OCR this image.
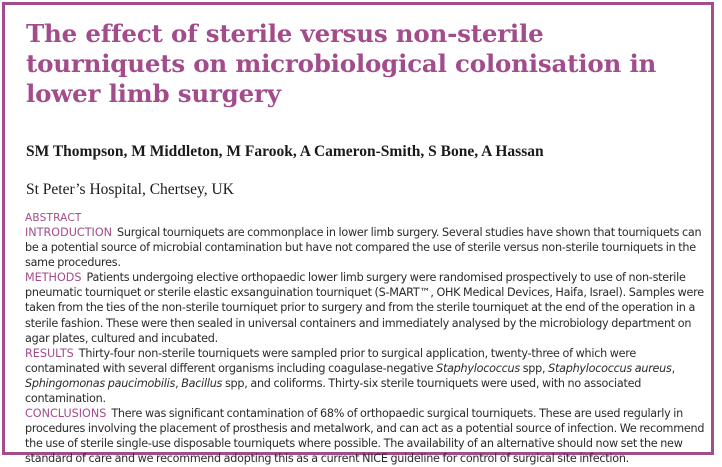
The effect of sterile versus non-sterile tourniquets on microbiological colonisation in lower limb surgery
SM Thompson, M Middleton, M Farook, A Cameron-Smith, S Bone, A Hassan
St Peter’s Hospital, Chertsey, UK
ABSTRACT

INTRODUCTION Surgical tourniquets are commonplace in lower limb surgery. Several studies have shown that tourniquets can be a potential source of microbial contamination but have not compared the use of sterile versus non-sterile tourniquets in the same procedures.

METHODS Patients undergoing elective orthopaedic lower limb surgery were randomised prospectively to use of non-sterile pneumatic tourniquet or sterile elastic exsanguination tourniquet (S-MART™, OHK Medical Devices, Haifa, Israel). Samples were taken from the ties of the non-sterile tourniquet prior to surgery and from the sterile tourniquet at the end of the operation in a sterile fashion. These were then sealed in universal containers and immediately analysed by the microbiology department on agar plates, cultured and incubated.

RESULTS Thirty-four non-sterile tourniquets were sampled prior to surgical application, twenty-three of which were contaminated with several different organisms including coagulase-negative Staphylococcus spp, Staphylococcus aureus, Sphingomonas paucimobilis, Bacillus spp, and coliforms. Thirty-six sterile tourniquets were used, with no associated contamination.

CONCLUSIONS There was significant contamination of 68% of orthopaedic surgical tourniquets. These are used regularly in procedures involving the placement of prosthesis and metalwork, and can act as a potential source of infection. We recommend the use of sterile single-use disposable tourniquets where possible. The availability of an alternative should now set the new standard of care and we recommend adopting this as a current NICE guideline for control of surgical site infection.
